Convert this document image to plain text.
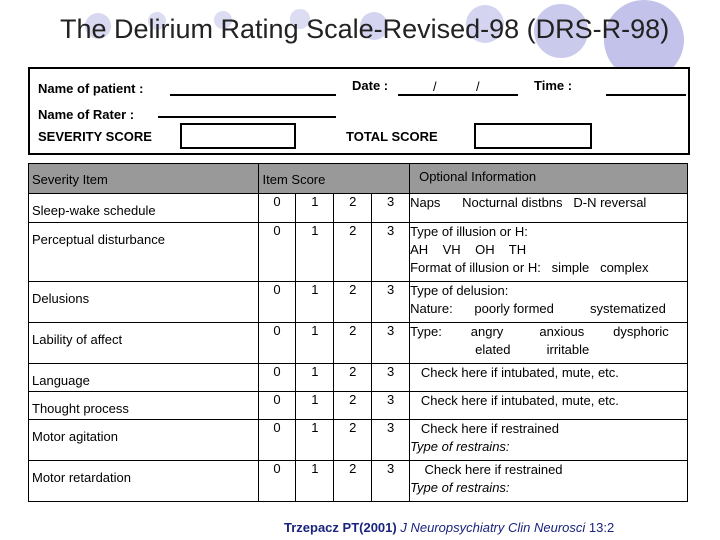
The Delirium Rating Scale-Revised-98 (DRS-R-98)
Name of patient :	Date :	/	/	Time :
Name of Rater :
SEVERITY SCORE	TOTAL SCORE
Severity Item	Item Score				Optional Information

Sleep-wake schedule	0	1	2	3	Naps      Nocturnal distbns   D-N reversal

Perceptual disturbance	0	1	2	3	Type of illusion or H:
AH    VH    OH    TH
Format of illusion or H:   simple   complex

Delusions	0	1	2	3	Type of delusion:
Nature:      poorly formed          systematized

Lability of affect	0	1	2	3	Type:        angry          anxious        dysphoric
elated          irritable

Language	0	1	2	3	Check here if intubated, mute, etc.

Thought process	0	1	2	3	Check here if intubated, mute, etc.

Motor agitation	0	1	2	3	Check here if restrained
Type of restrains:

Motor retardation	0	1	2	3	Check here if restrained
Type of restrains:
Trzepacz PT(2001) J Neuropsychiatry Clin Neurosci 13:2
